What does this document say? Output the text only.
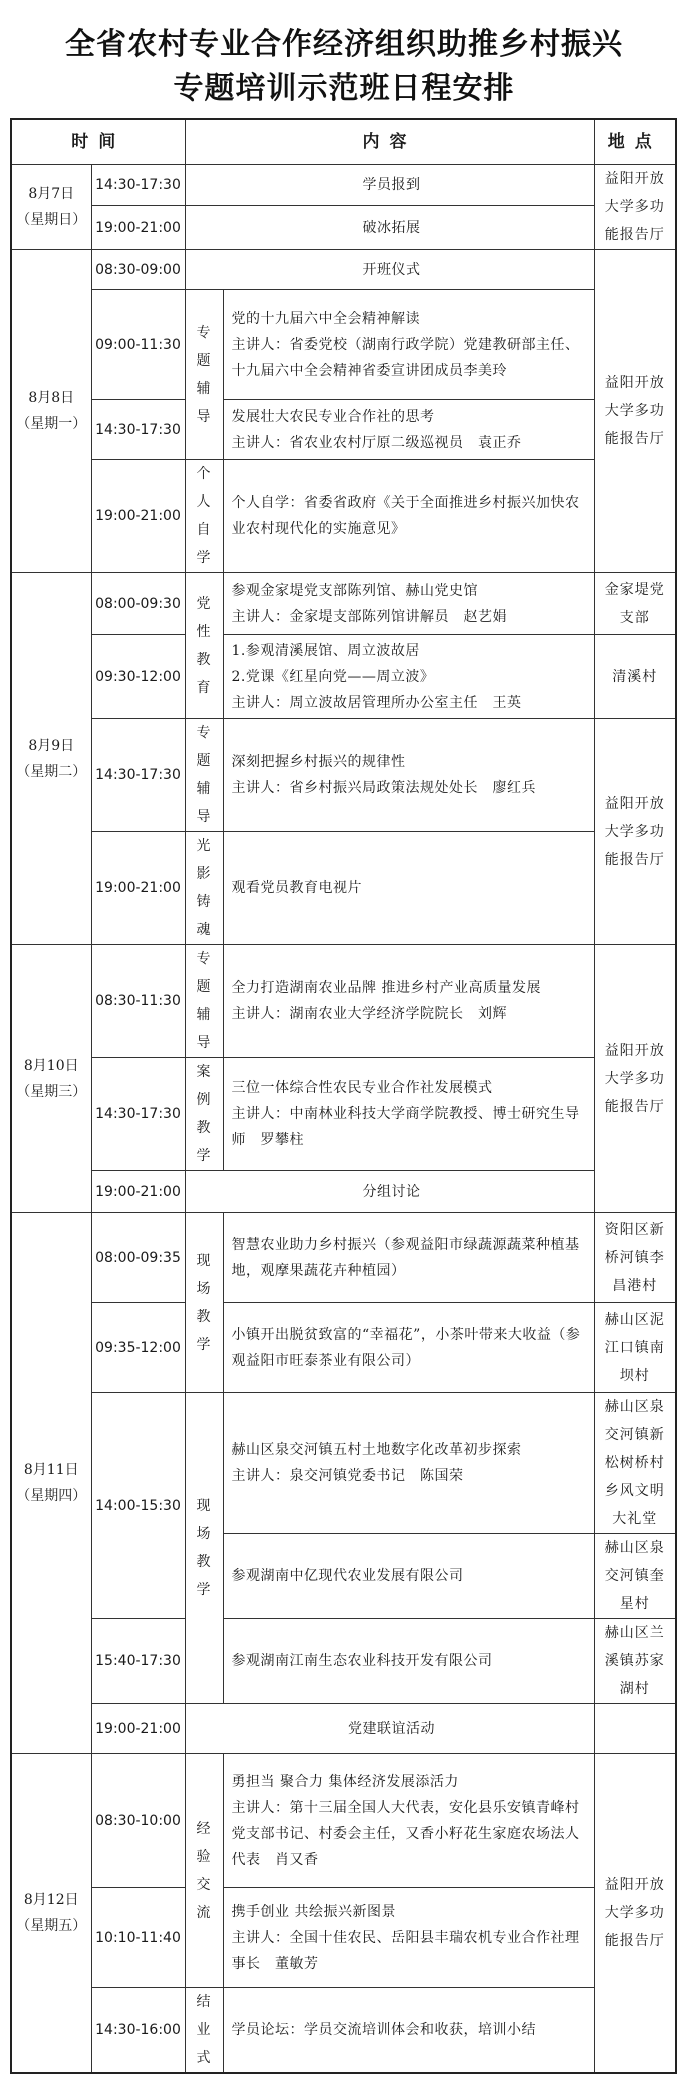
全省农村专业合作经济组织助推乡村振兴
专题培训示范班日程安排
时间		内容		地点

8月7日
（星期日）	14:30-17:30	学员报到		益阳开放大学多功能报告厅
	19:00-21:00	破冰拓展		

8月8日
（星期一）	08:30-09:00	开班仪式		益阳开放大学多功能报告厅
	09:00-11:30	专题辅导	党的十九届六中全会精神解读
主讲人：省委党校（湖南行政学院）党建教研部主任、十九届六中全会精神省委宣讲团成员李美玲	

	14:30-17:30		发展壮大农民专业合作社的思考
主讲人：省农业农村厅原二级巡视员　袁正乔	

	19:00-21:00	个人自学	个人自学：省委省政府《关于全面推进乡村振兴加快农业农村现代化的实施意见》	

8月9日
（星期二）	08:00-09:30	党性教育	参观金家堤党支部陈列馆、赫山党史馆
主讲人：金家堤支部陈列馆讲解员　赵艺娟	金家堤党支部
	09:30-12:00		1.参观清溪展馆、周立波故居
2.党课《红星向党——周立波》
主讲人：周立波故居管理所办公室主任　王英	清溪村
	14:30-17:30	专题辅导	深刻把握乡村振兴的规律性
主讲人：省乡村振兴局政策法规处处长　廖红兵	益阳开放大学多功能报告厅
	19:00-21:00	光影铸魂	观看党员教育电视片	

8月10日
（星期三）	08:30-11:30	专题辅导	全力打造湖南农业品牌 推进乡村产业高质量发展
主讲人：湖南农业大学经济学院院长　刘辉	益阳开放大学多功能报告厅
	14:30-17:30	案例教学	三位一体综合性农民专业合作社发展模式
主讲人：中南林业科技大学商学院教授、博士研究生导师　罗攀柱	

	19:00-21:00	分组讨论		

8月11日
（星期四）	08:00-09:35	现场教学	智慧农业助力乡村振兴（参观益阳市绿蔬源蔬菜种植基地，观摩果蔬花卉种植园）	资阳区新桥河镇李昌港村
	09:35-12:00		小镇开出脱贫致富的“幸福花”，小茶叶带来大收益（参观益阳市旺泰茶业有限公司）	赫山区泥江口镇南坝村
	14:00-15:30	现场教学	赫山区泉交河镇五村土地数字化改革初步探索
主讲人：泉交河镇党委书记　陈国荣	赫山区泉交河镇新松树桥村乡风文明大礼堂

			参观湖南中亿现代农业发展有限公司	赫山区泉交河镇奎星村
	15:40-17:30		参观湖南江南生态农业科技开发有限公司	赫山区兰溪镇苏家湖村
	19:00-21:00	党建联谊活动		

8月12日
（星期五）	08:30-10:00	经验交流	勇担当 聚合力 集体经济发展添活力
主讲人：第十三届全国人大代表，安化县乐安镇青峰村党支部书记、村委会主任，又香小籽花生家庭农场法人代表　肖又香	益阳开放大学多功能报告厅
	10:10-11:40		携手创业 共绘振兴新图景
主讲人：全国十佳农民、岳阳县丰瑞农机专业合作社理事长　董敏芳	

	14:30-16:00	结业式	学员论坛：学员交流培训体会和收获，培训小结	
